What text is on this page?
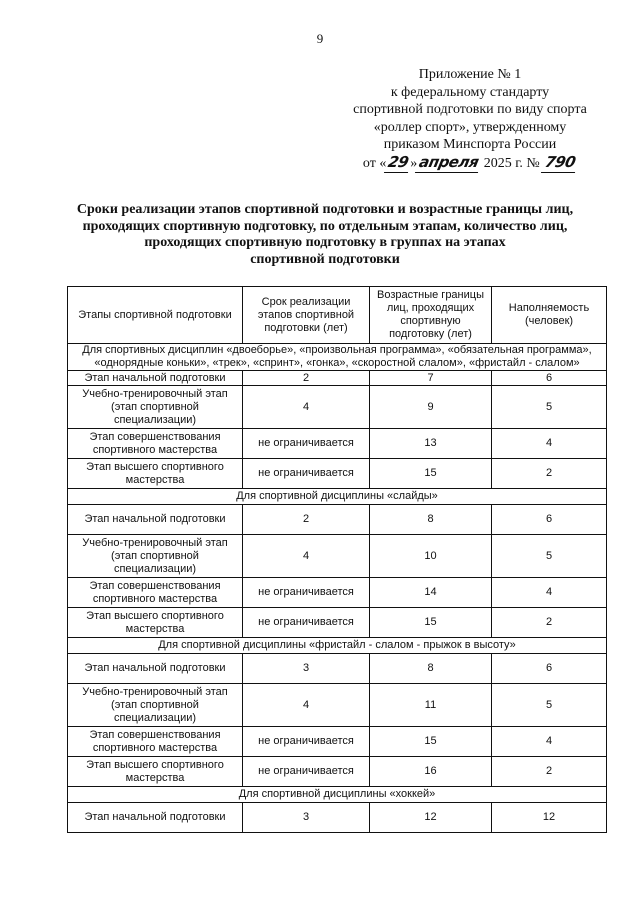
9
Приложение № 1
к федеральному стандарту
спортивной подготовки по виду спорта
«роллер спорт», утвержденному
приказом Минспорта России
от «29»апреля 2025 г. № 790
Сроки реализации этапов спортивной подготовки и возрастные границы лиц,
проходящих спортивную подготовку, по отдельным этапам, количество лиц,
проходящих спортивную подготовку в группах на этапах
спортивной подготовки
Этапы спортивной подготовки	Срок реализации этапов спортивной подготовки (лет)	Возрастные границы лиц, проходящих спортивную подготовку (лет)	Наполняемость (человек)
Для спортивных дисциплин «двоеборье», «произвольная программа», «обязательная программа», «однорядные коньки», «трек», «спринт», «гонка», «скоростной слалом», «фристайл - слалом»			
Этап начальной подготовки	2	7	6
Учебно-тренировочный этап (этап спортивной специализации)	4	9	5
Этап совершенствования спортивного мастерства	не ограничивается	13	4
Этап высшего спортивного мастерства	не ограничивается	15	2
Для спортивной дисциплины «слайды»			
Этап начальной подготовки	2	8	6
Учебно-тренировочный этап (этап спортивной специализации)	4	10	5
Этап совершенствования спортивного мастерства	не ограничивается	14	4
Этап высшего спортивного мастерства	не ограничивается	15	2
Для спортивной дисциплины «фристайл - слалом - прыжок в высоту»			
Этап начальной подготовки	3	8	6
Учебно-тренировочный этап (этап спортивной специализации)	4	11	5
Этап совершенствования спортивного мастерства	не ограничивается	15	4
Этап высшего спортивного мастерства	не ограничивается	16	2
Для спортивной дисциплины «хоккей»			
Этап начальной подготовки	3	12	12
